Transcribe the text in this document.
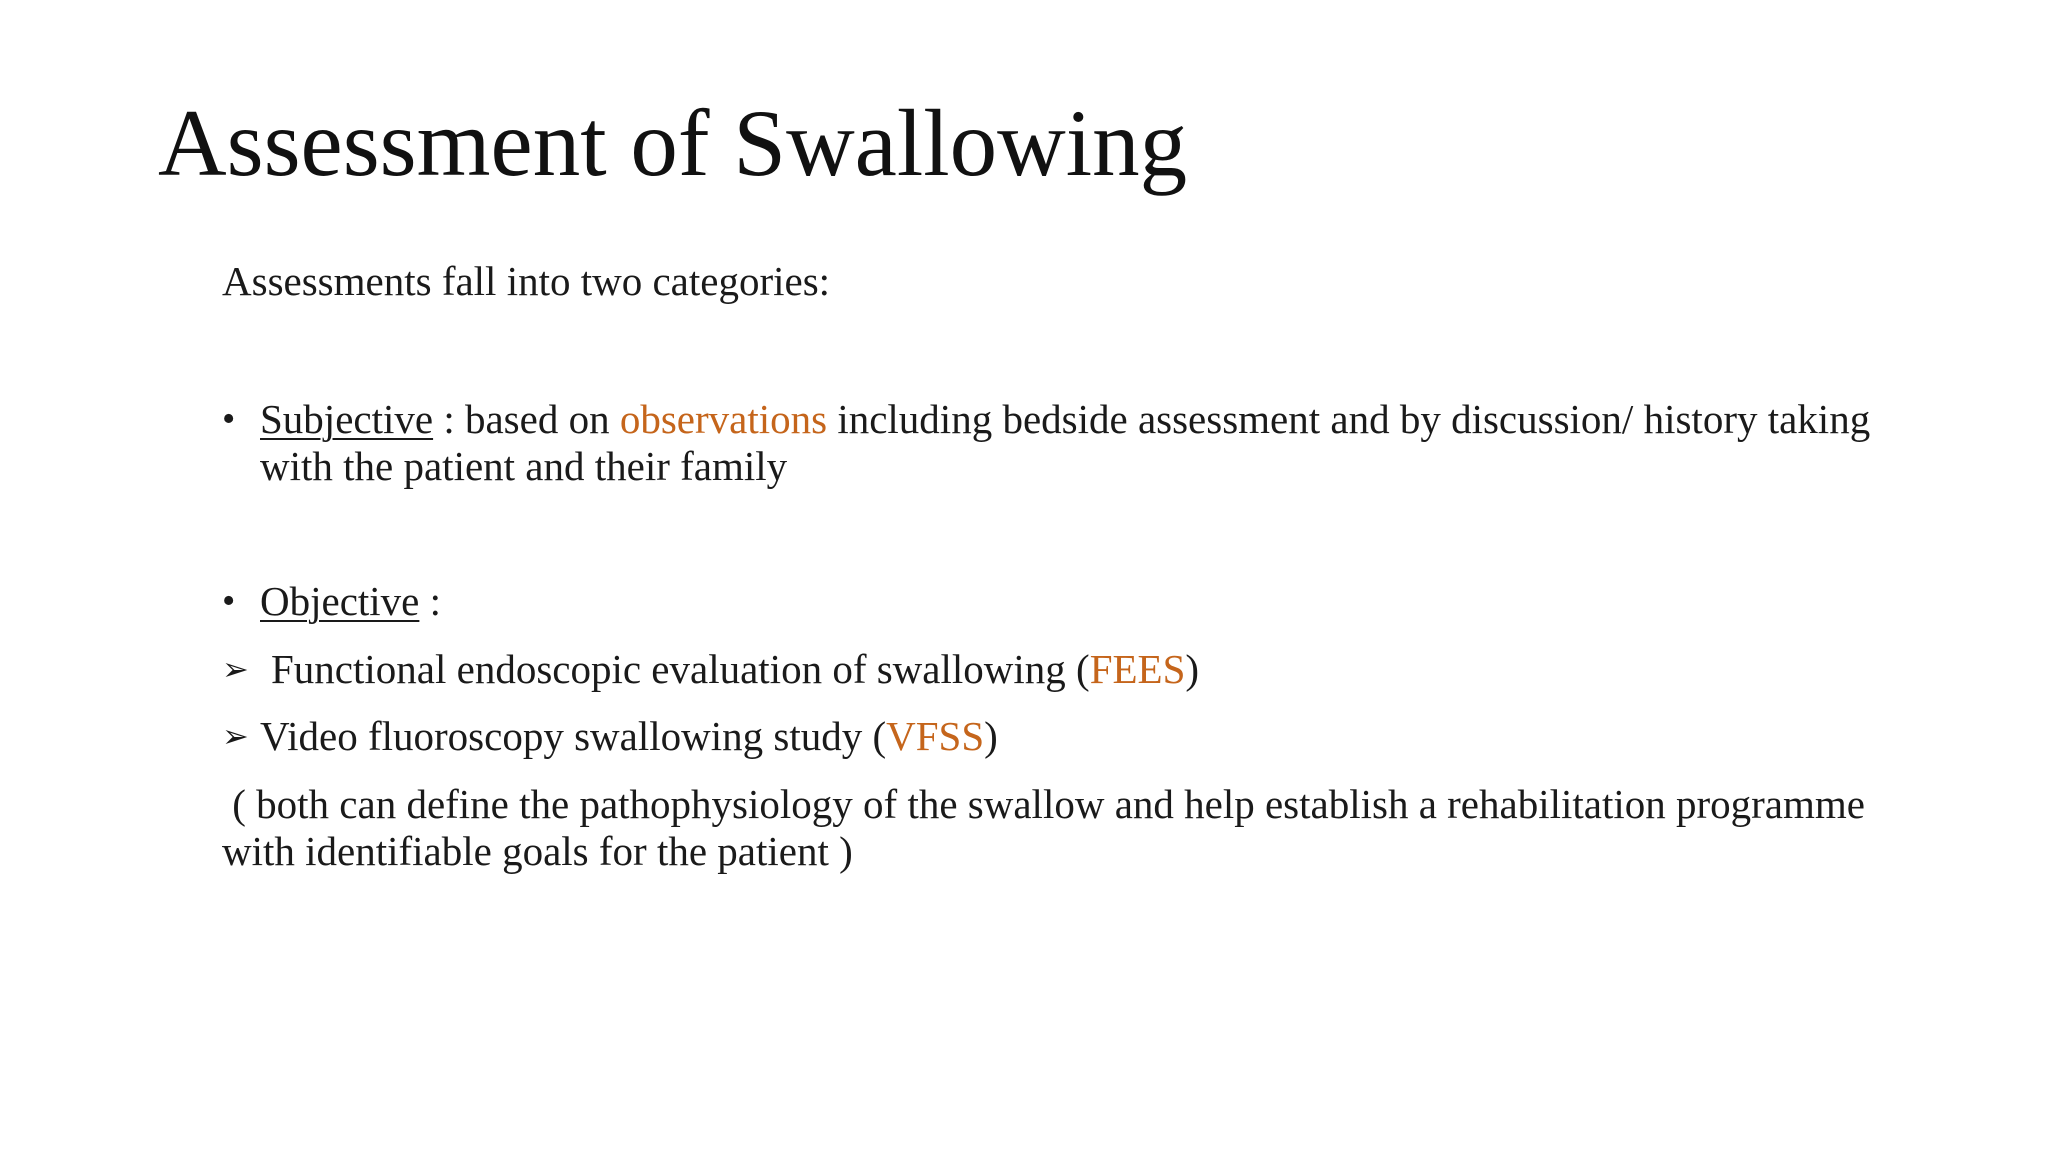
Assessment of Swallowing
Assessments fall into two categories:
• Subjective : based on observations including bedside assessment and by discussion/ history taking
with the patient and their family
• Objective :
➢ Functional endoscopic evaluation of swallowing (FEES)
➢ Video fluoroscopy swallowing study (VFSS)
( both can define the pathophysiology of the swallow and help establish a rehabilitation programme
with identifiable goals for the patient )
